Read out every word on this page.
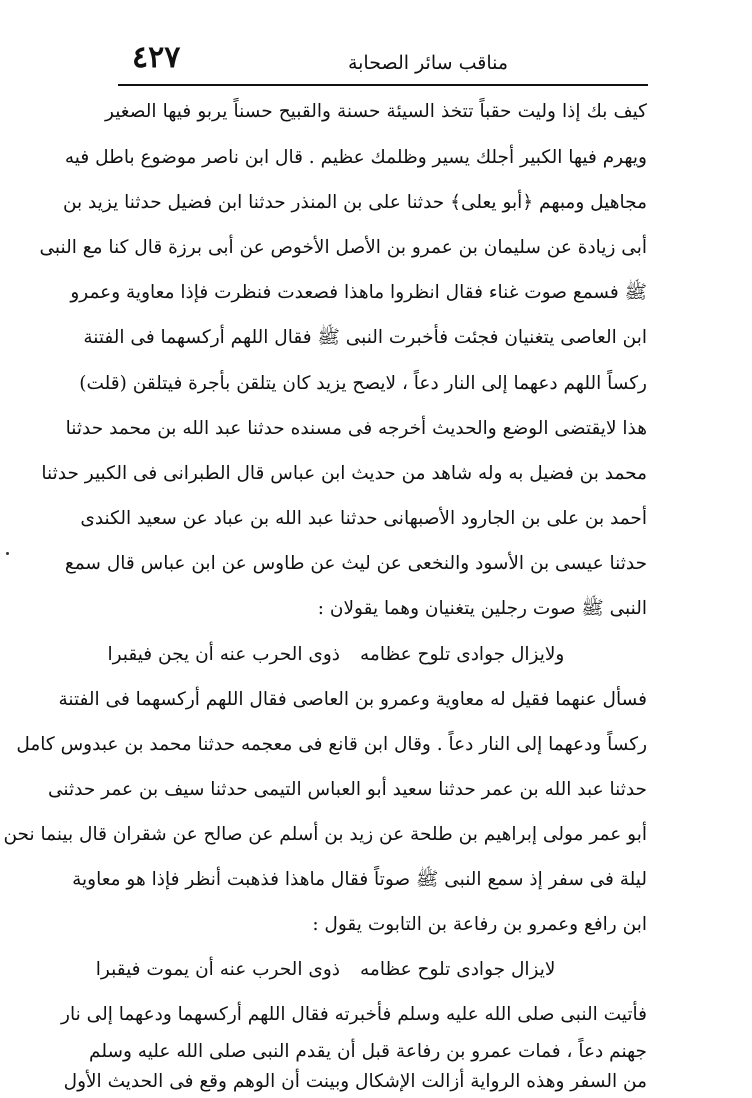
٤٢٧	مناقب سائر الصحابة
كيف بك إذا وليت حقباً تتخذ السيئة حسنة والقبيح حسناً يربو فيها الصغير
ويهرم فيها الكبير أجلك يسير وظلمك عظيم . قال ابن ناصر موضوع باطل فيه
مجاهيل ومبهم ﴿أبو يعلى﴾ حدثنا على بن المنذر حدثنا ابن فضيل حدثنا يزيد بن
أبى زيادة عن سليمان بن عمرو بن الأصل الأخوص عن أبى برزة قال كنا مع النبى
ﷺ فسمع صوت غناء فقال انظروا ماهذا فصعدت فنظرت فإذا معاوية وعمرو
ابن العاصى يتغنيان فجئت فأخبرت النبى ﷺ فقال اللهم أركسهما فى الفتنة
ركساً اللهم دعهما إلى النار دعاً ، لايصح يزيد كان يتلقن بأجرة فيتلقن (قلت)
هذا لايقتضى الوضع والحديث أخرجه فى مسنده حدثنا عبد الله بن محمد حدثنا
محمد بن فضيل به وله شاهد من حديث ابن عباس قال الطبرانى فى الكبير حدثنا
أحمد بن على بن الجارود الأصبهانى حدثنا عبد الله بن عباد عن سعيد الكندى
حدثنا عيسى بن الأسود والنخعى عن ليث عن طاوس عن ابن عباس قال سمع
النبى ﷺ صوت رجلين يتغنيان وهما يقولان :
ولايزال جوادى تلوح عظامه
ذوى الحرب عنه أن يجن فيقبرا
فسأل عنهما فقيل له معاوية وعمرو بن العاصى فقال اللهم أركسهما فى الفتنة
ركساً ودعهما إلى النار دعاً . وقال ابن قانع فى معجمه حدثنا محمد بن عبدوس كامل
حدثنا عبد الله بن عمر حدثنا سعيد أبو العباس التيمى حدثنا سيف بن عمر حدثنى
أبو عمر مولى إبراهيم بن طلحة عن زيد بن أسلم عن صالح عن شقران قال بينما نحن
ليلة فى سفر إذ سمع النبى ﷺ صوتاً فقال ماهذا فذهبت أنظر فإذا هو معاوية
ابن رافع وعمرو بن رفاعة بن التابوت يقول :
لايزال جوادى تلوح عظامه
ذوى الحرب عنه أن يموت فيقبرا
فأتيت النبى صلى الله عليه وسلم فأخبرته فقال اللهم أركسهما ودعهما إلى نار
جهنم دعاً ، فمات عمرو بن رفاعة قبل أن يقدم النبى صلى الله عليه وسلم
من السفر وهذه الرواية أزالت الإشكال وبينت أن الوهم وقع فى الحديث الأول
